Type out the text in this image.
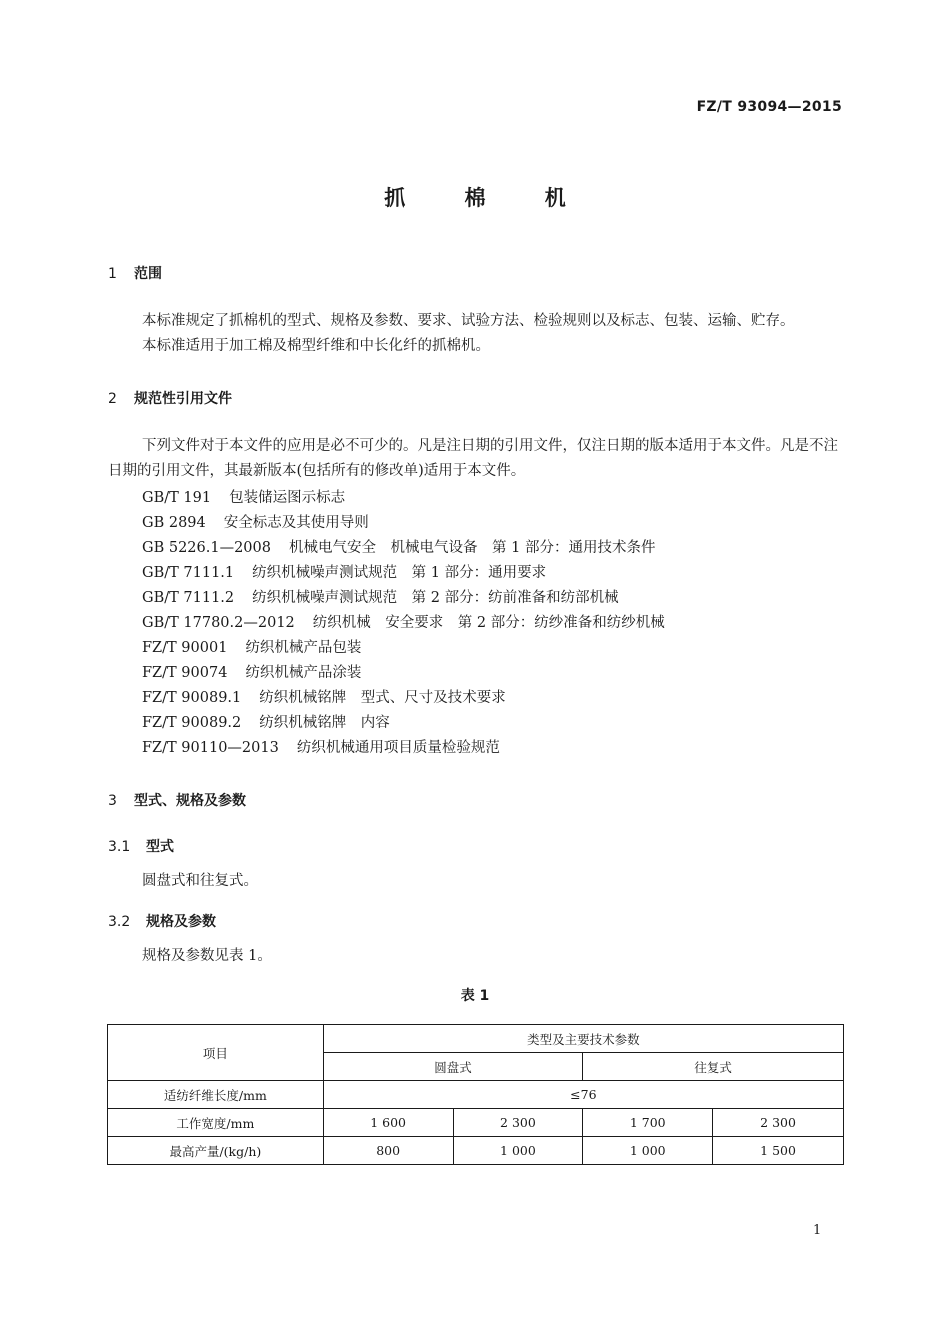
FZ/T 93094—2015
抓 棉 机
1 范围
本标准规定了抓棉机的型式、规格及参数、要求、试验方法、检验规则以及标志、包装、运输、贮存。
本标准适用于加工棉及棉型纤维和中长化纤的抓棉机。
2 规范性引用文件
下列文件对于本文件的应用是必不可少的。凡是注日期的引用文件，仅注日期的版本适用于本文件。凡是不注日期的引用文件，其最新版本(包括所有的修改单)适用于本文件。
GB/T 191 包装储运图示标志
GB 2894 安全标志及其使用导则
GB 5226.1—2008 机械电气安全　机械电气设备　第 1 部分：通用技术条件
GB/T 7111.1 纺织机械噪声测试规范　第 1 部分：通用要求
GB/T 7111.2 纺织机械噪声测试规范　第 2 部分：纺前准备和纺部机械
GB/T 17780.2—2012 纺织机械　安全要求　第 2 部分：纺纱准备和纺纱机械
FZ/T 90001 纺织机械产品包装
FZ/T 90074 纺织机械产品涂装
FZ/T 90089.1 纺织机械铭牌　型式、尺寸及技术要求
FZ/T 90089.2 纺织机械铭牌　内容
FZ/T 90110—2013 纺织机械通用项目质量检验规范
3 型式、规格及参数
3.1 型式
圆盘式和往复式。
3.2 规格及参数
规格及参数见表 1。
表 1
项目	类型及主要技术参数			
	圆盘式		往复式	
适纺纤维长度/mm	≤76			
工作宽度/mm	1 600	2 300	1 700	2 300
最高产量/(kg/h)	800	1 000	1 000	1 500
1
